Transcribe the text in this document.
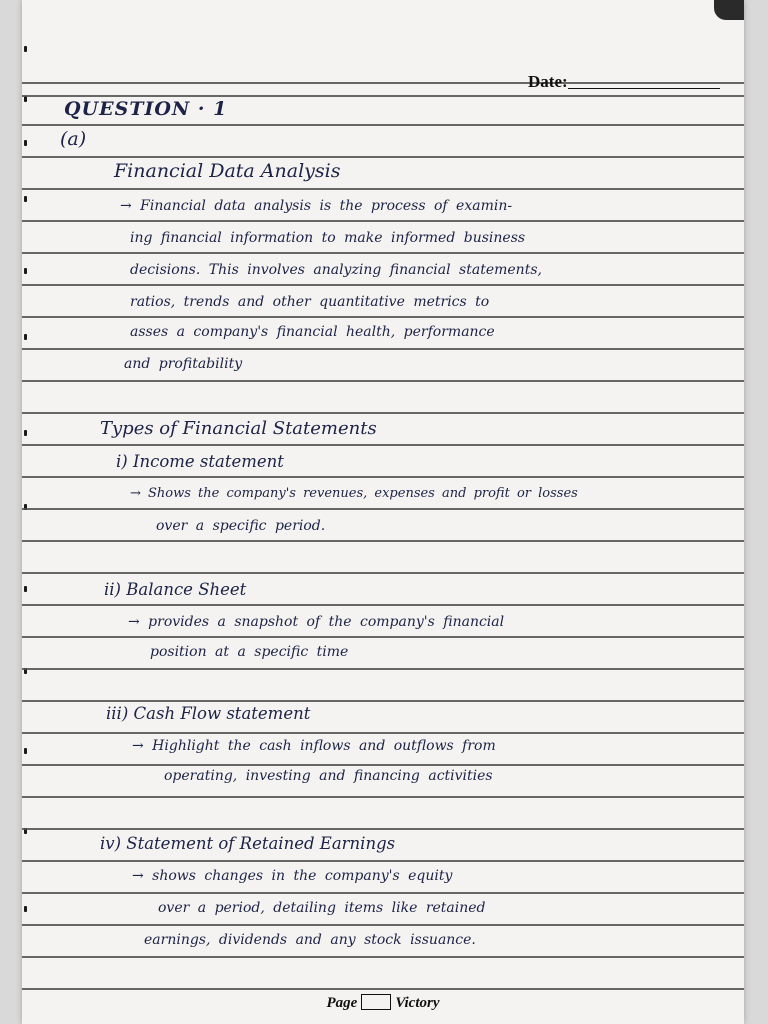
Date:
QUESTION · 1
(a)
Financial Data Analysis
→ Financial data analysis is the process of examin-
ing financial information to make informed business
decisions. This involves analyzing financial statements,
ratios, trends and other quantitative metrics to
asses a company's financial health, performance
and profitability
Types of Financial Statements
i) Income statement
→ Shows the company's revenues, expenses and profit or losses
over a specific period.
ii) Balance Sheet
→ provides a snapshot of the company's financial
position at a specific time
iii) Cash Flow statement
→ Highlight the cash inflows and outflows from
operating, investing and financing activities
iv) Statement of Retained Earnings
→ shows changes in the company's equity
over a period, detailing items like retained
earnings, dividends and any stock issuance.
Page	Victory
